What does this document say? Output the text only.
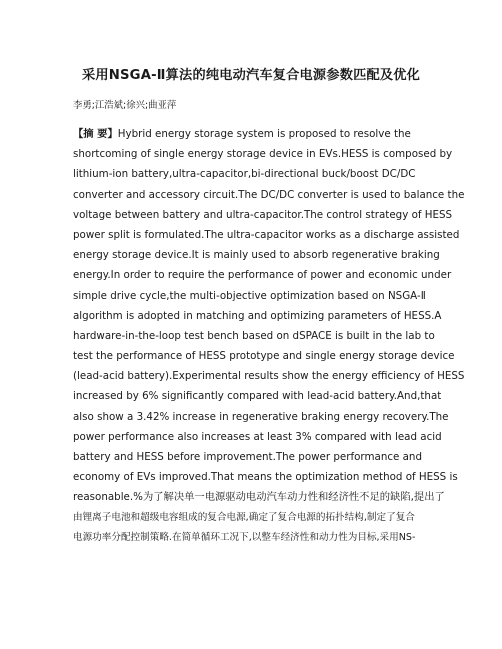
采用NSGA-Ⅱ算法的纯电动汽车复合电源参数匹配及优化
李勇;江浩斌;徐兴;曲亚萍
【摘 要】Hybrid energy storage system is proposed to resolve the
shortcoming of single energy storage device in EVs.HESS is composed by
lithium-ion battery,ultra-capacitor,bi-directional buck/boost DC/DC
converter and accessory circuit.The DC/DC converter is used to balance the
voltage between battery and ultra-capacitor.The control strategy of HESS
power split is formulated.The ultra-capacitor works as a discharge assisted
energy storage device.It is mainly used to absorb regenerative braking
energy.In order to require the performance of power and economic under
simple drive cycle,the multi-objective optimization based on NSGA-Ⅱ
algorithm is adopted in matching and optimizing parameters of HESS.A
hardware-in-the-loop test bench based on dSPACE is built in the lab to
test the performance of HESS prototype and single energy storage device
(lead-acid battery).Experimental results show the energy efficiency of HESS
increased by 6% significantly compared with lead-acid battery.And,that
also show a 3.42% increase in regenerative braking energy recovery.The
power performance also increases at least 3% compared with lead acid
battery and HESS before improvement.The power performance and
economy of EVs improved.That means the optimization method of HESS is
reasonable.%为了解决单一电源驱动电动汽车动力性和经济性不足的缺陷,提出了
由锂离子电池和超级电容组成的复合电源,确定了复合电源的拓扑结构,制定了复合
电源功率分配控制策略.在简单循环工况下,以整车经济性和动力性为目标,采用NS-
